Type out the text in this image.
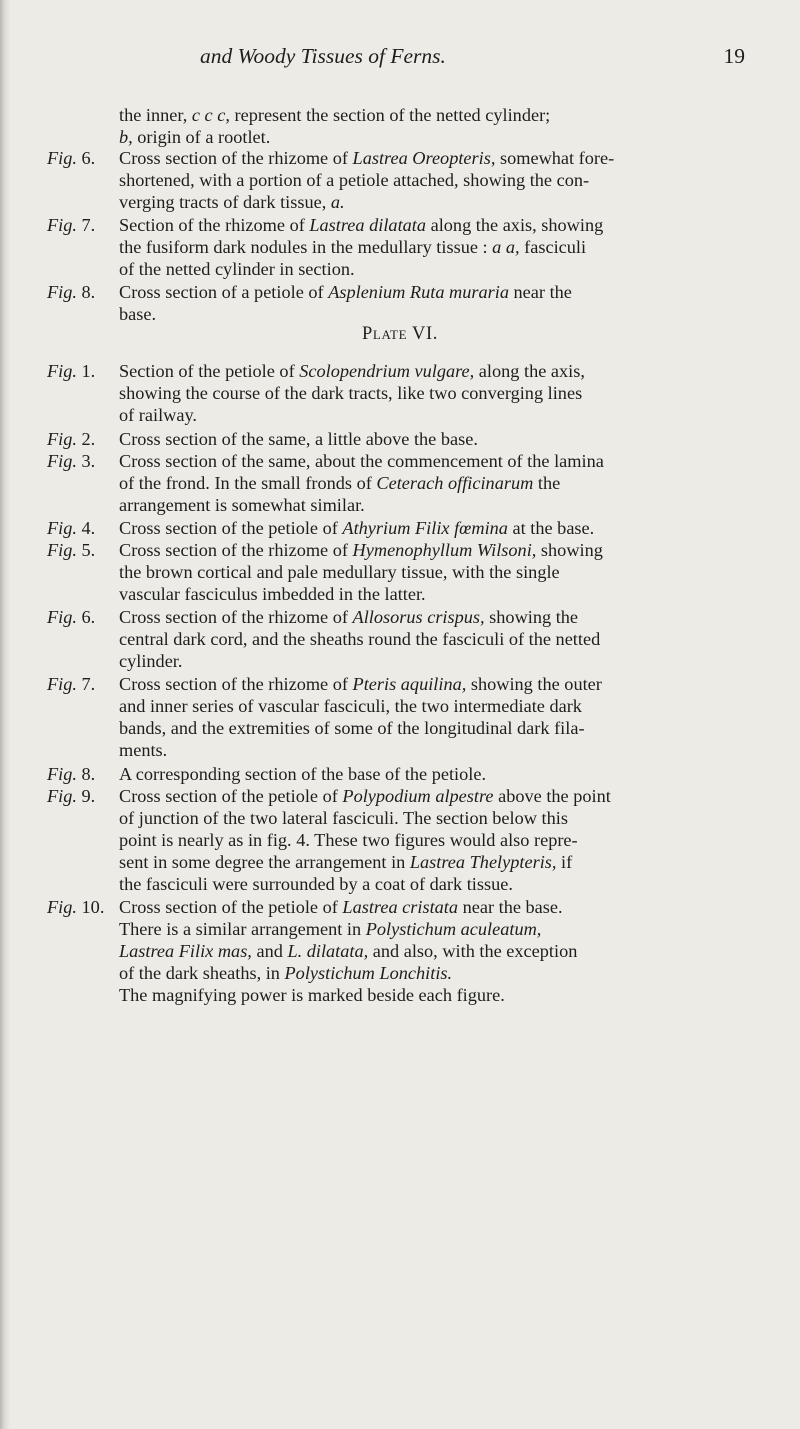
and Woody Tissues of Ferns.	19
Plate VI.
the inner, c c c, represent the section of the netted cylinder;
b, origin of a rootlet.
Fig. 6. Cross section of the rhizome of Lastrea Oreopteris, somewhat fore-
shortened, with a portion of a petiole attached, showing the con-
verging tracts of dark tissue, a.
Fig. 7. Section of the rhizome of Lastrea dilatata along the axis, showing
the fusiform dark nodules in the medullary tissue : a a, fasciculi
of the netted cylinder in section.
Fig. 8. Cross section of a petiole of Asplenium Ruta muraria near the
base.
Fig. 1. Section of the petiole of Scolopendrium vulgare, along the axis,
showing the course of the dark tracts, like two converging lines
of railway.
Fig. 2. Cross section of the same, a little above the base.
Fig. 3. Cross section of the same, about the commencement of the lamina
of the frond. In the small fronds of Ceterach officinarum the
arrangement is somewhat similar.
Fig. 4. Cross section of the petiole of Athyrium Filix fœmina at the base.
Fig. 5. Cross section of the rhizome of Hymenophyllum Wilsoni, showing
the brown cortical and pale medullary tissue, with the single
vascular fasciculus imbedded in the latter.
Fig. 6. Cross section of the rhizome of Allosorus crispus, showing the
central dark cord, and the sheaths round the fasciculi of the netted
cylinder.
Fig. 7. Cross section of the rhizome of Pteris aquilina, showing the outer
and inner series of vascular fasciculi, the two intermediate dark
bands, and the extremities of some of the longitudinal dark fila-
ments.
Fig. 8. A corresponding section of the base of the petiole.
Fig. 9. Cross section of the petiole of Polypodium alpestre above the point
of junction of the two lateral fasciculi. The section below this
point is nearly as in fig. 4. These two figures would also repre-
sent in some degree the arrangement in Lastrea Thelypteris, if
the fasciculi were surrounded by a coat of dark tissue.
Fig. 10. Cross section of the petiole of Lastrea cristata near the base.
There is a similar arrangement in Polystichum aculeatum,
Lastrea Filix mas, and L. dilatata, and also, with the exception
of the dark sheaths, in Polystichum Lonchitis.
The magnifying power is marked beside each figure.
